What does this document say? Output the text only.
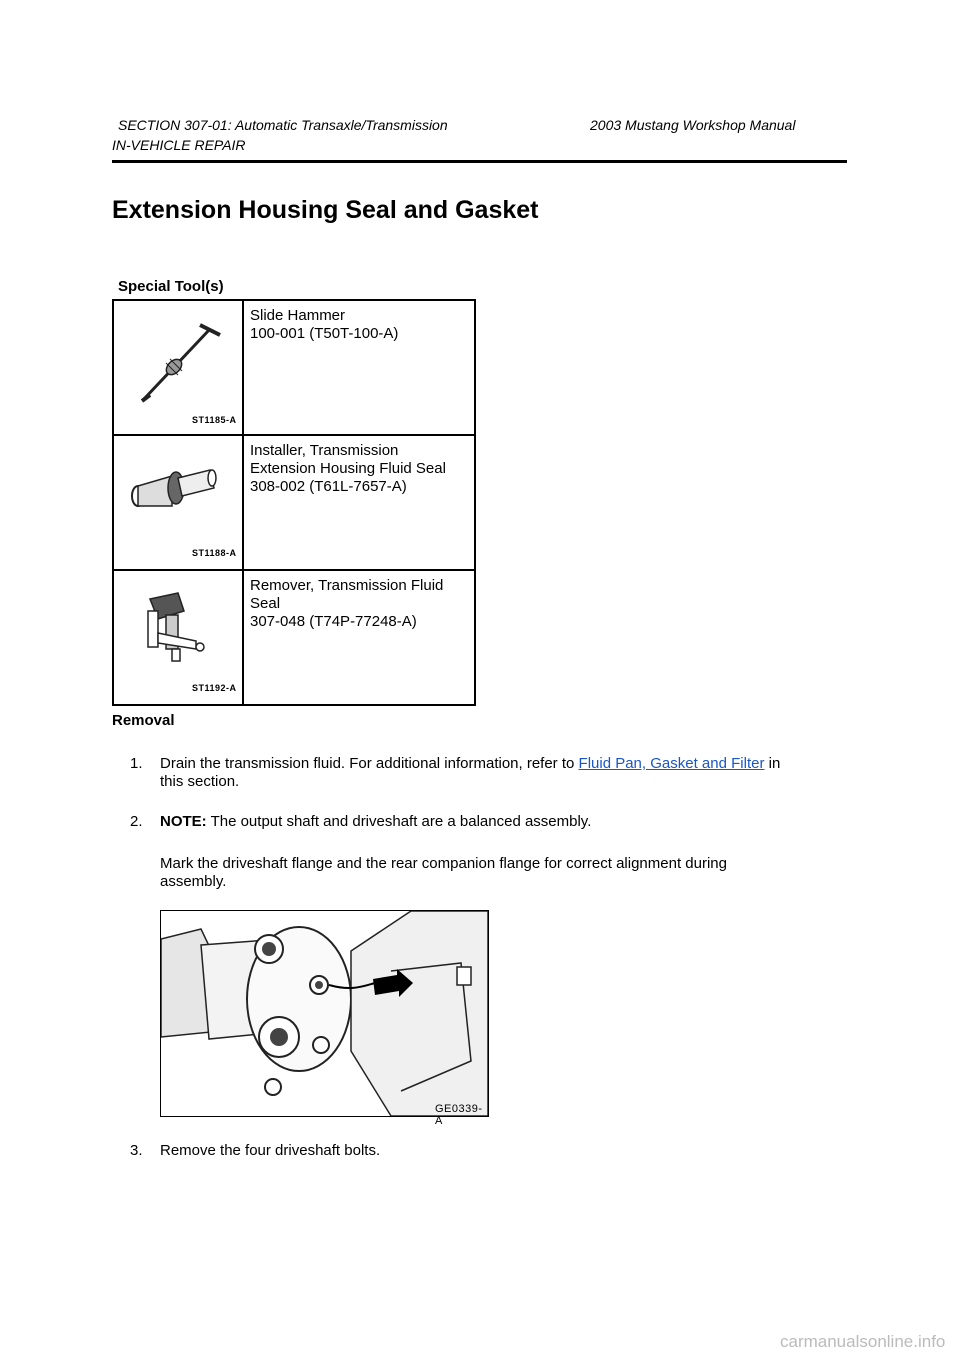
SECTION 307-01: Automatic Transaxle/Transmission	2003 Mustang Workshop Manual
IN-VEHICLE REPAIR
Extension Housing Seal and Gasket
Special Tool(s)
ST1185-A	Slide Hammer
100-001 (T50T-100-A)

ST1188-A	Installer, Transmission
Extension Housing Fluid Seal
308-002 (T61L-7657-A)

ST1192-A	Remover, Transmission Fluid
Seal
307-048 (T74P-77248-A)
Removal
1. Drain the transmission fluid. For additional information, refer to Fluid Pan, Gasket and Filter in
this section.
2. NOTE: The output shaft and driveshaft are a balanced assembly.
Mark the driveshaft flange and the rear companion flange for correct alignment during
assembly.
GE0339-A
3. Remove the four driveshaft bolts.
carmanualsonline.info
